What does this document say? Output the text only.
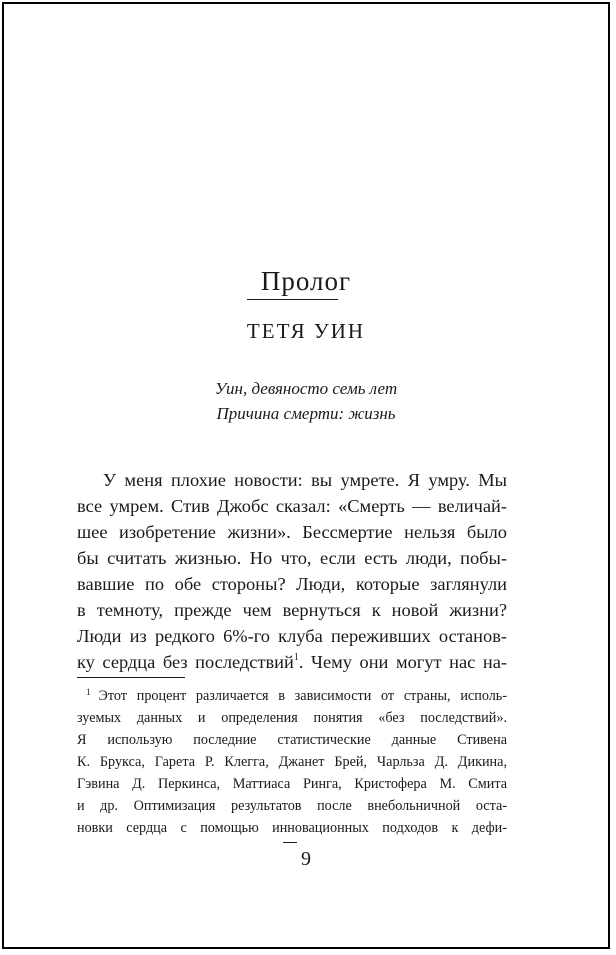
Пролог
ТЕТЯ УИН
Уин, девяносто семь лет
Причина смерти: жизнь
У меня плохие новости: вы умрете. Я умру. Мы
все умрем. Стив Джобс сказал: «Смерть — величай-
шее изобретение жизни». Бессмертие нельзя было
бы считать жизнью. Но что, если есть люди, побы-
вавшие по обе стороны? Люди, которые заглянули
в темноту, прежде чем вернуться к новой жизни?
Люди из редкого 6%-го клуба переживших останов-
ку сердца без последствий$^1$. Чему они могут нас на-
$^1$ Этот процент различается в зависимости от страны, исполь-
зуемых данных и определения понятия «без последствий».
Я использую последние статистические данные Стивена
К. Брукса, Гарета Р. Клегга, Джанет Брей, Чарльза Д. Дикина,
Гэвина Д. Перкинса, Маттиаса Ринга, Кристофера М. Смита
и др. Оптимизация результатов после внебольничной оста-
новки сердца с помощью инновационных подходов к дефи-
9
